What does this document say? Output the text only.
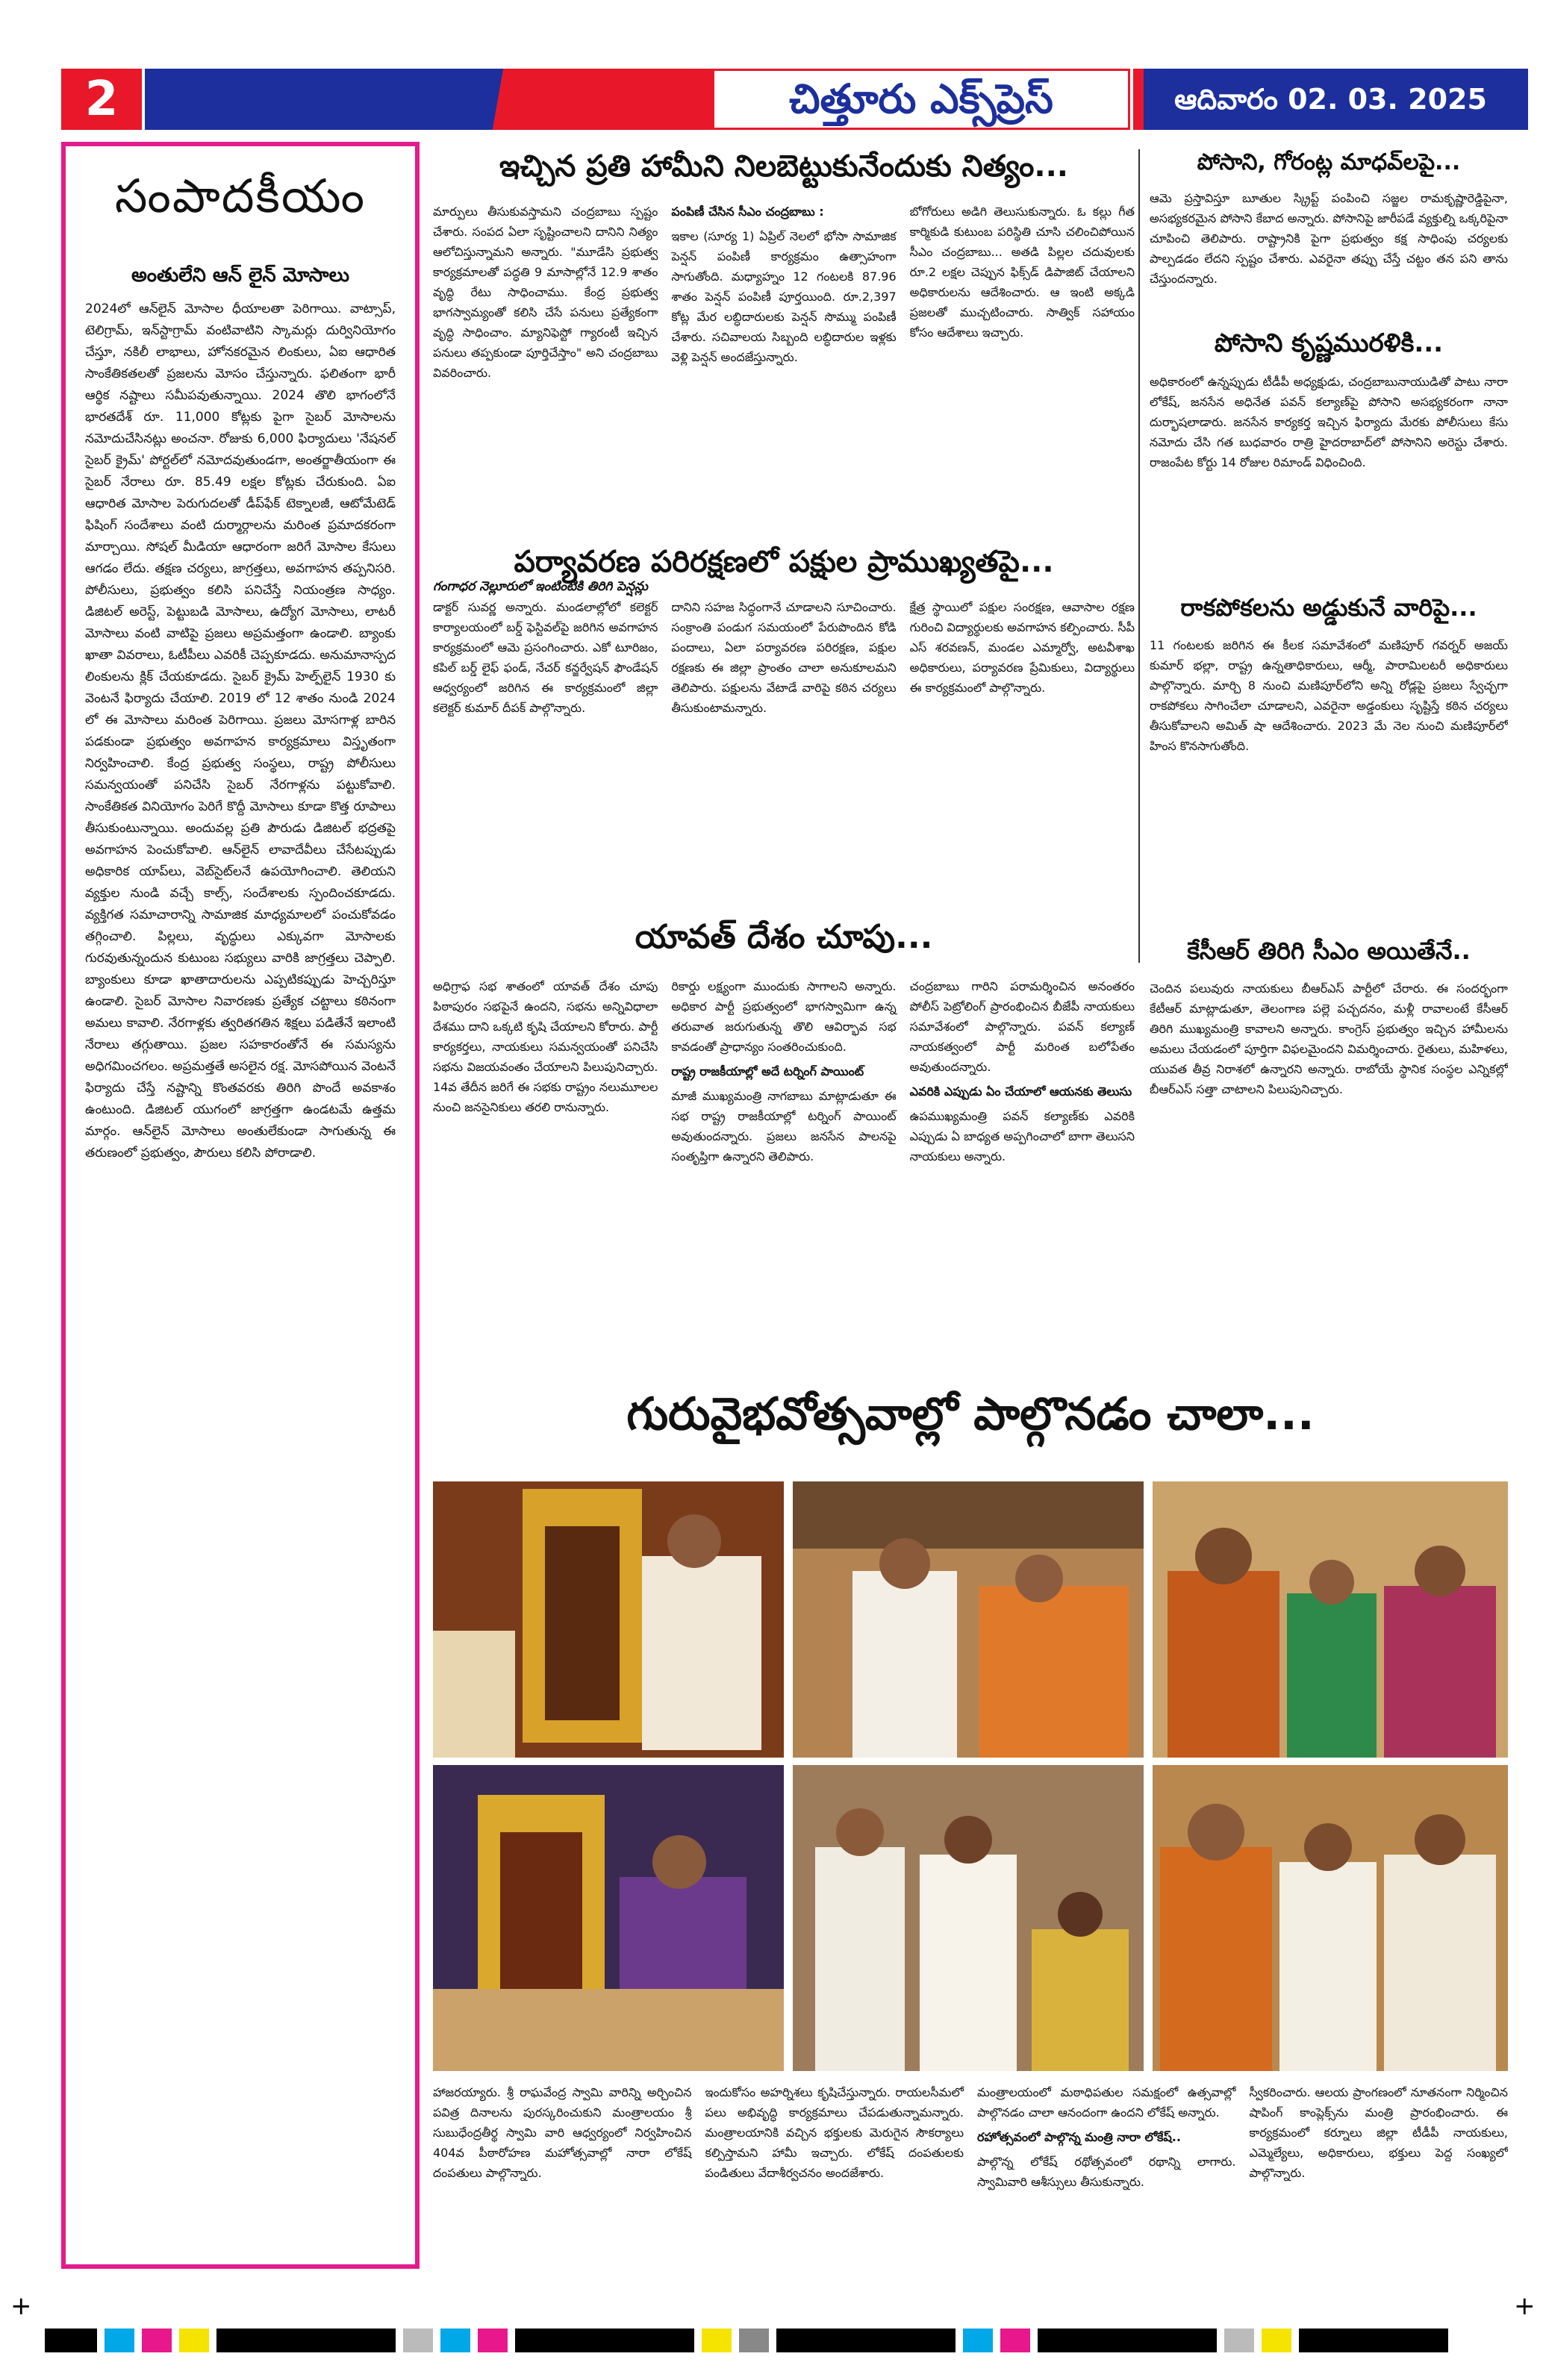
2	చిత్తూరు ఎక్స్‌ప్రెస్	ఆదివారం 02. 03. 2025
సంపాదకీయం
అంతులేని ఆన్ లైన్ మోసాలు
2024లో ఆన్‌లైన్ మోసాల ధీయాలతా పెరిగాయి. వాట్సాప్, టెలిగ్రామ్, ఇన్‌స్టాగ్రామ్ వంటివాటిని స్కామర్లు దుర్వినియోగం చేస్తూ, నకిలీ లాభాలు, హోనకరమైన లింకులు, ఏఐ ఆధారిత సాంకేతికతలతో ప్రజలను మోసం చేస్తున్నారు. ఫలితంగా భారీ ఆర్థిక నష్టాలు సమీపవుతున్నాయి. 2024 తొలి భాగంలోనే భారతదేశ్ రూ. 11,000 కోట్లకు పైగా సైబర్ మోసాలను నమోదుచేసినట్లు అంచనా. రోజుకు 6,000 ఫిర్యాదులు 'నేషనల్ సైబర్ క్రైమ్' పోర్టల్‌లో నమోదవుతుండగా, అంతర్జాతీయంగా ఈ సైబర్ నేరాలు రూ. 85.49 లక్షల కోట్లకు చేరుకుంది. ఏఐ ఆధారిత మోసాల పెరుగుదలతో డీప్‌ఫేక్ టెక్నాలజీ, ఆటోమేటెడ్ ఫిషింగ్ సందేశాలు వంటి దుర్మార్గాలను మరింత ప్రమాదకరంగా మార్చాయి. సోషల్ మీడియా ఆధారంగా జరిగే మోసాల కేసులు ఆగడం లేదు. తక్షణ చర్యలు, జాగ్రత్తలు, అవగాహన తప్పనిసరి. పోలీసులు, ప్రభుత్వం కలిసి పనిచేస్తే నియంత్రణ సాధ్యం. డిజిటల్ అరెస్ట్, పెట్టుబడి మోసాలు, ఉద్యోగ మోసాలు, లాటరీ మోసాలు వంటి వాటిపై ప్రజలు అప్రమత్తంగా ఉండాలి. బ్యాంకు ఖాతా వివరాలు, ఓటీపీలు ఎవరికీ చెప్పకూడదు. అనుమానాస్పద లింకులను క్లిక్ చేయకూడదు. సైబర్ క్రైమ్ హెల్ప్‌లైన్ 1930 కు వెంటనే ఫిర్యాదు చేయాలి. 2019 లో 12 శాతం నుండి 2024 లో ఈ మోసాలు మరింత పెరిగాయి. ప్రజలు మోసగాళ్ల బారిన పడకుండా ప్రభుత్వం అవగాహన కార్యక్రమాలు విస్తృతంగా నిర్వహించాలి. కేంద్ర ప్రభుత్వ సంస్థలు, రాష్ట్ర పోలీసులు సమన్వయంతో పనిచేసి సైబర్ నేరగాళ్లను పట్టుకోవాలి. సాంకేతికత వినియోగం పెరిగే కొద్దీ మోసాలు కూడా కొత్త రూపాలు తీసుకుంటున్నాయి. అందువల్ల ప్రతి పౌరుడు డిజిటల్ భద్రతపై అవగాహన పెంచుకోవాలి. ఆన్‌లైన్ లావాదేవీలు చేసేటప్పుడు అధికారిక యాప్‌లు, వెబ్‌సైట్‌లనే ఉపయోగించాలి. తెలియని వ్యక్తుల నుండి వచ్చే కాల్స్, సందేశాలకు స్పందించకూడదు. వ్యక్తిగత సమాచారాన్ని సామాజిక మాధ్యమాలలో పంచుకోవడం తగ్గించాలి. పిల్లలు, వృద్ధులు ఎక్కువగా మోసాలకు గురవుతున్నందున కుటుంబ సభ్యులు వారికి జాగ్రత్తలు చెప్పాలి. బ్యాంకులు కూడా ఖాతాదారులను ఎప్పటికప్పుడు హెచ్చరిస్తూ ఉండాలి. సైబర్ మోసాల నివారణకు ప్రత్యేక చట్టాలు కఠినంగా అమలు కావాలి. నేరగాళ్లకు త్వరితగతిన శిక్షలు పడితేనే ఇలాంటి నేరాలు తగ్గుతాయి. ప్రజల సహకారంతోనే ఈ సమస్యను అధిగమించగలం. అప్రమత్తతే అసలైన రక్ష. మోసపోయిన వెంటనే ఫిర్యాదు చేస్తే నష్టాన్ని కొంతవరకు తిరిగి పొందే అవకాశం ఉంటుంది. డిజిటల్ యుగంలో జాగ్రత్తగా ఉండటమే ఉత్తమ మార్గం. ఆన్‌లైన్ మోసాలు అంతులేకుండా సాగుతున్న ఈ తరుణంలో ప్రభుత్వం, పౌరులు కలిసి పోరాడాలి.
ఇచ్చిన ప్రతి హామీని నిలబెట్టుకునేందుకు నిత్యం...

మార్పులు తీసుకువస్తామని చంద్రబాబు స్పష్టం చేశారు. సంపద ఏలా సృష్టించాలని దానిని నిత్యం ఆలోచిస్తున్నామని అన్నారు. "మూడేసి ప్రభుత్వ కార్యక్రమాలతో పద్ధతి 9 మాసాల్లోనే 12.9 శాతం వృద్ధి రేటు సాధించాము. కేంద్ర ప్రభుత్వ భాగస్వామ్యంతో కలిసి చేసే పనులు ప్రత్యేకంగా వృద్ధి సాధించాం. మ్యానిఫెస్టో గ్యారంటీ ఇచ్చిన పనులు తప్పకుండా పూర్తిచేస్తాం" అని చంద్రబాబు వివరించారు.

పంపిణీ చేసిన సీఎం చంద్రబాబు :

ఇకాల (సూర్య 1) ఏప్రిల్ నెలలో భోసా సామాజిక పెన్షన్ పంపిణీ కార్యక్రమం ఉత్సాహంగా సాగుతోంది. మధ్యాహ్నం 12 గంటలకి 87.96 శాతం పెన్షన్ పంపిణీ పూర్తయింది. రూ.2,397 కోట్ల మేర లబ్ధిదారులకు పెన్షన్ సొమ్ము పంపిణీ చేశారు. సచివాలయ సిబ్బంది లబ్ధిదారుల ఇళ్లకు వెళ్లి పెన్షన్ అందజేస్తున్నారు.

బోగోరులు అడిగి తెలుసుకున్నారు. ఓ కల్లు గీత కార్మికుడి కుటుంబ పరిస్థితి చూసి చలించిపోయిన సీఎం చంద్రబాబు... అతడి పిల్లల చదువులకు రూ.2 లక్షల చెప్పున ఫిక్స్‌డ్ డిపాజిట్ చేయాలని అధికారులను ఆదేశించారు. ఆ ఇంటి అక్కడి ప్రజలతో ముచ్చటించారు. సాత్విక్ సహాయం కోసం ఆదేశాలు ఇచ్చారు.

గంగాధర నెల్లూరులో ఇంటింటికి తిరిగి పెన్షన్లు
పోసాని, గోరంట్ల మాధవ్‌లపై...
ఆమె ప్రస్తావిస్తూ బూతుల స్క్రిప్ట్ పంపించి సజ్జల రామకృష్ణారెడ్డిపైనా, అసభ్యకరమైన పోసాని కేబాద అన్నారు. పోసానిపై జారీపడే వ్యక్తుల్ని ఒక్కరిపైనా చూపించి తెలిపారు. రాష్ట్రానికి పైగా ప్రభుత్వం కక్ష సాధింపు చర్యలకు పాల్పడడం లేదని స్పష్టం చేశారు. ఎవరైనా తప్పు చేస్తే చట్టం తన పని తాను చేస్తుందన్నారు.
పోసాని కృష్ణమురళికి...
అధికారంలో ఉన్నప్పుడు టీడీపీ అధ్యక్షుడు, చంద్రబాబునాయుడితో పాటు నారా లోకేష్, జనసేన అధినేత పవన్ కల్యాణ్‌పై పోసాని అసభ్యకరంగా నానా దుర్భాషలాడారు. జనసేన కార్యకర్త ఇచ్చిన ఫిర్యాదు మేరకు పోలీసులు కేసు నమోదు చేసి గత బుధవారం రాత్రి హైదరాబాద్‌లో పోసానిని అరెస్టు చేశారు. రాజంపేట కోర్టు 14 రోజుల రిమాండ్ విధించింది.
రాకపోకలను అడ్డుకునే వారిపై...
11 గంటలకు జరిగిన ఈ కీలక సమావేశంలో మణిపూర్ గవర్నర్ అజయ్ కుమార్ భల్లా, రాష్ట్ర ఉన్నతాధికారులు, ఆర్మీ, పారామిలటరీ అధికారులు పాల్గొన్నారు. మార్చి 8 నుంచి మణిపూర్‌లోని అన్ని రోడ్లపై ప్రజలు స్వేచ్ఛగా రాకపోకలు సాగించేలా చూడాలని, ఎవరైనా అడ్డంకులు సృష్టిస్తే కఠిన చర్యలు తీసుకోవాలని అమిత్ షా ఆదేశించారు. 2023 మే నెల నుంచి మణిపూర్‌లో హింస కొనసాగుతోంది.
పర్యావరణ పరిరక్షణలో పక్షుల ప్రాముఖ్యతపై...

డాక్టర్ సువర్ణ అన్నారు. మండలాల్లోలో కలెక్టర్ కార్యాలయంలో బర్డ్ ఫెస్టివల్‌పై జరిగిన అవగాహన కార్యక్రమంలో ఆమె ప్రసంగించారు. ఎకో టూరిజం, కపిల్ బర్డ్ లైఫ్ ఫండ్, నేచర్ కన్జర్వేషన్ ఫౌండేషన్ ఆధ్వర్యంలో జరిగిన ఈ కార్యక్రమంలో జిల్లా కలెక్టర్ కుమార్ దీపక్ పాల్గొన్నారు.

దానిని సహజ సిద్ధంగానే చూడాలని సూచించారు. సంక్రాంతి పండుగ సమయంలో పేరుపొందిన కోడి పందాలు, ఏలా పర్యావరణ పరిరక్షణ, పక్షుల రక్షణకు ఈ జిల్లా ప్రాంతం చాలా అనుకూలమని తెలిపారు. పక్షులను వేటాడే వారిపై కఠిన చర్యలు తీసుకుంటామన్నారు.

క్షేత్ర స్థాయిలో పక్షుల సంరక్షణ, ఆవాసాల రక్షణ గురించి విద్యార్థులకు అవగాహన కల్పించారు. సీపీ ఎస్ శరవణన్, మండల ఎమ్మార్వో, అటవీశాఖ అధికారులు, పర్యావరణ ప్రేమికులు, విద్యార్థులు ఈ కార్యక్రమంలో పాల్గొన్నారు.

యావత్ దేశం చూపు...

అధిగ్రాఫ సభ శాతంలో యావత్ దేశం చూపు పిఠాపురం సభపైనే ఉందని, సభను అన్నివిధాలా దేశము దాని ఒక్కటి కృషి చేయాలని కోరారు. పార్టీ కార్యకర్తలు, నాయకులు సమన్వయంతో పనిచేసి సభను విజయవంతం చేయాలని పిలుపునిచ్చారు. 14వ తేదీన జరిగే ఈ సభకు రాష్ట్రం నలుమూలల నుంచి జనసైనికులు తరలి రానున్నారు.

రికార్డు లక్ష్యంగా ముందుకు సాగాలని అన్నారు. అధికార పార్టీ ప్రభుత్వంలో భాగస్వామిగా ఉన్న తరువాత జరుగుతున్న తొలి ఆవిర్భావ సభ కావడంతో ప్రాధాన్యం సంతరించుకుంది.

రాష్ట్ర రాజకీయాల్లో అదే టర్నింగ్ పాయింట్

మాజీ ముఖ్యమంత్రి నాగబాబు మాట్లాడుతూ ఈ సభ రాష్ట్ర రాజకీయాల్లో టర్నింగ్ పాయింట్ అవుతుందన్నారు. ప్రజలు జనసేన పాలనపై సంతృప్తిగా ఉన్నారని తెలిపారు.

చంద్రబాబు గారిని పరామర్శించిన అనంతరం పోలీస్ పెట్రోలింగ్ ప్రారంభించిన బీజేపీ నాయకులు సమావేశంలో పాల్గొన్నారు. పవన్ కల్యాణ్ నాయకత్వంలో పార్టీ మరింత బలోపేతం అవుతుందన్నారు.

ఎవరికి ఎప్పుడు ఏం చేయాలో ఆయనకు తెలుసు

ఉపముఖ్యమంత్రి పవన్ కల్యాణ్‌కు ఎవరికి ఎప్పుడు ఏ బాధ్యత అప్పగించాలో బాగా తెలుసని నాయకులు అన్నారు.

కేసీఆర్ తిరిగి సీఎం అయితేనే..
చెందిన పలువురు నాయకులు బీఆర్ఎస్ పార్టీలో చేరారు. ఈ సందర్భంగా కేటీఆర్ మాట్లాడుతూ, తెలంగాణ పల్లె పచ్చదనం, మళ్లీ రావాలంటే కేసీఆర్ తిరిగి ముఖ్యమంత్రి కావాలని అన్నారు. కాంగ్రెస్ ప్రభుత్వం ఇచ్చిన హామీలను అమలు చేయడంలో పూర్తిగా విఫలమైందని విమర్శించారు. రైతులు, మహిళలు, యువత తీవ్ర నిరాశలో ఉన్నారని అన్నారు. రాబోయే స్థానిక సంస్థల ఎన్నికల్లో బీఆర్ఎస్ సత్తా చాటాలని పిలుపునిచ్చారు.
గురువైభవోత్సవాల్లో పాల్గొనడం చాలా...

హాజరయ్యారు. శ్రీ రాఘవేంద్ర స్వామి వారిన్ని అర్చించిన పవిత్ర దినాలను పురస్కరించుకుని మంత్రాలయం శ్రీ సుబుధేంద్రతీర్థ స్వామి వారి ఆధ్వర్యంలో నిర్వహించిన 404వ పీఠారోహణ మహోత్సవాల్లో నారా లోకేష్ దంపతులు పాల్గొన్నారు.

ఇందుకోసం అహర్నిశలు కృషిచేస్తున్నారు. రాయలసీమలో పలు అభివృద్ధి కార్యక్రమాలు చేపడుతున్నామన్నారు. మంత్రాలయానికి వచ్చిన భక్తులకు మెరుగైన సౌకర్యాలు కల్పిస్తామని హామీ ఇచ్చారు. లోకేష్ దంపతులకు పండితులు వేదాశీర్వచనం అందజేశారు.

మంత్రాలయంలో మఠాధిపతుల సమక్షంలో ఉత్సవాల్లో పాల్గొనడం చాలా ఆనందంగా ఉందని లోకేష్ అన్నారు.

రహోత్సవంలో పాల్గొన్న మంత్రి నారా లోకేష్..

పాల్గొన్న లోకేష్ రథోత్సవంలో రథాన్ని లాగారు. స్వామివారి ఆశీస్సులు తీసుకున్నారు.

స్వీకరించారు. ఆలయ ప్రాంగణంలో నూతనంగా నిర్మించిన షాపింగ్ కాంప్లెక్స్‌ను మంత్రి ప్రారంభించారు. ఈ కార్యక్రమంలో కర్నూలు జిల్లా టీడీపీ నాయకులు, ఎమ్మెల్యేలు, అధికారులు, భక్తులు పెద్ద సంఖ్యలో పాల్గొన్నారు.

+	+
